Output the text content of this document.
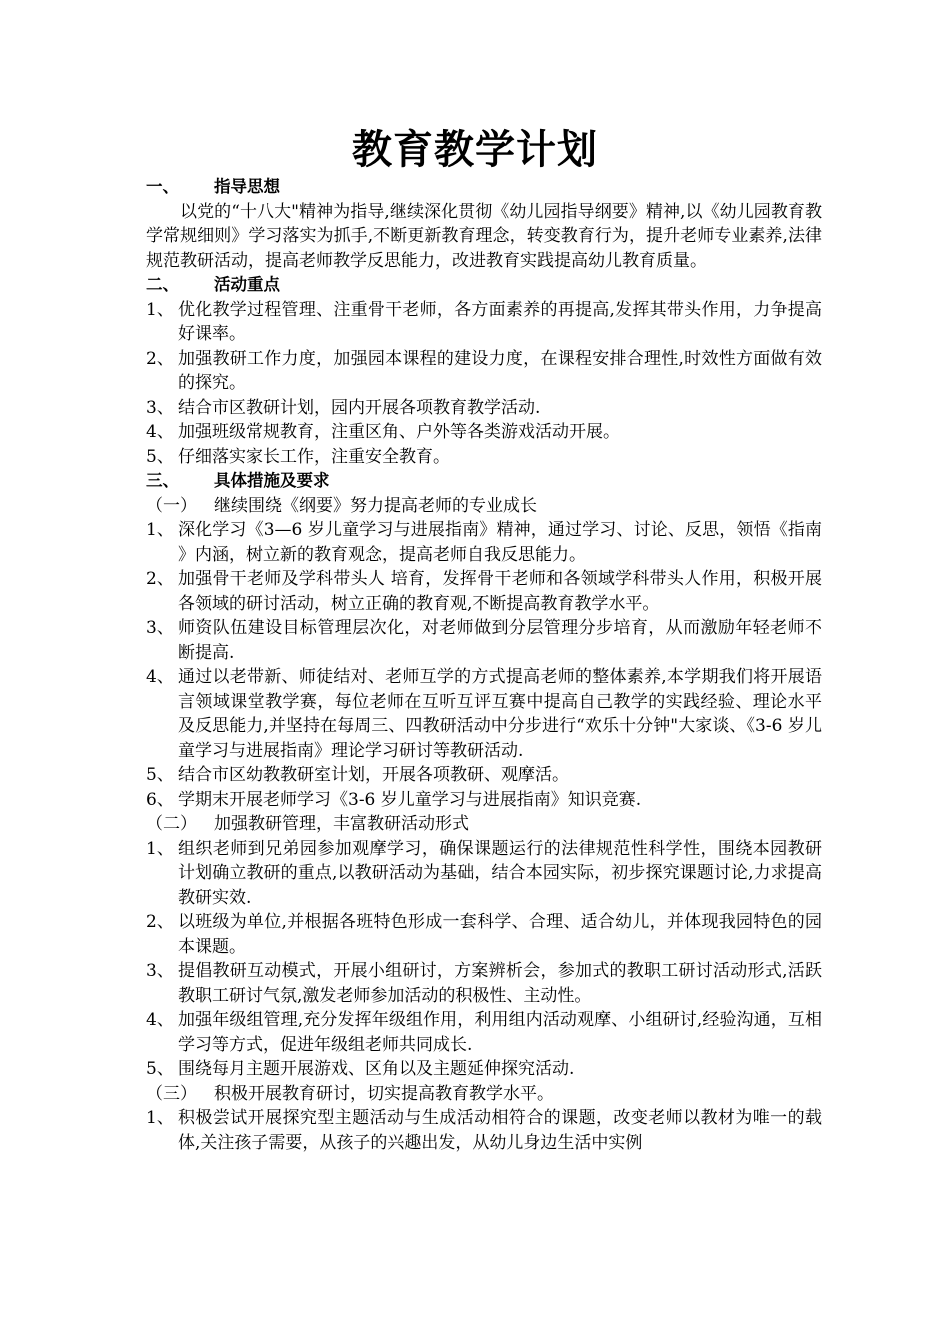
教育教学计划
一、	指导思想
以党的“十八大"精神为指导,继续深化贯彻《幼儿园指导纲要》精神,以《幼儿园教育教学常规细则》学习落实为抓手,不断更新教育理念，转变教育行为，提升老师专业素养,法律规范教研活动，提高老师教学反思能力，改进教育实践提高幼儿教育质量。
二、	活动重点
1、 优化教学过程管理、注重骨干老师，各方面素养的再提高,发挥其带头作用，力争提高好课率。
2、 加强教研工作力度，加强园本课程的建设力度，在课程安排合理性,时效性方面做有效的探究。
3、 结合市区教研计划，园内开展各项教育教学活动.
4、 加强班级常规教育，注重区角、户外等各类游戏活动开展。
5、 仔细落实家长工作，注重安全教育。
三、	具体措施及要求
（一）	继续围绕《纲要》努力提高老师的专业成长
1、 深化学习《3—6 岁儿童学习与进展指南》精神，通过学习、讨论、反思，领悟《指南 》内涵，树立新的教育观念，提高老师自我反思能力。
2、 加强骨干老师及学科带头人 培育，发挥骨干老师和各领域学科带头人作用，积极开展各领域的研讨活动，树立正确的教育观,不断提高教育教学水平。
3、 师资队伍建设目标管理层次化，对老师做到分层管理分步培育，从而激励年轻老师不断提高.
4、 通过以老带新、师徒结对、老师互学的方式提高老师的整体素养,本学期我们将开展语言领域课堂教学赛，每位老师在互听互评互赛中提高自己教学的实践经验、理论水平及反思能力,并坚持在每周三、四教研活动中分步进行“欢乐十分钟"大家谈、《3-6 岁儿童学习与进展指南》理论学习研讨等教研活动.
5、 结合市区幼教教研室计划，开展各项教研、观摩活。
6、 学期末开展老师学习《3-6 岁儿童学习与进展指南》知识竞赛.
（二）	加强教研管理，丰富教研活动形式
1、 组织老师到兄弟园参加观摩学习，确保课题运行的法律规范性科学性，围绕本园教研计划确立教研的重点,以教研活动为基础，结合本园实际，初步探究课题讨论,力求提高教研实效.
2、 以班级为单位,并根据各班特色形成一套科学、合理、适合幼儿，并体现我园特色的园本课题。
3、 提倡教研互动模式，开展小组研讨，方案辨析会，参加式的教职工研讨活动形式,活跃教职工研讨气氛,激发老师参加活动的积极性、主动性。
4、 加强年级组管理,充分发挥年级组作用，利用组内活动观摩、小组研讨,经验沟通，互相学习等方式，促进年级组老师共同成长.
5、 围绕每月主题开展游戏、区角以及主题延伸探究活动.
（三）	积极开展教育研讨，切实提高教育教学水平。
1、 积极尝试开展探究型主题活动与生成活动相符合的课题，改变老师以教材为唯一的载体,关注孩子需要，从孩子的兴趣出发，从幼儿身边生活中实例
